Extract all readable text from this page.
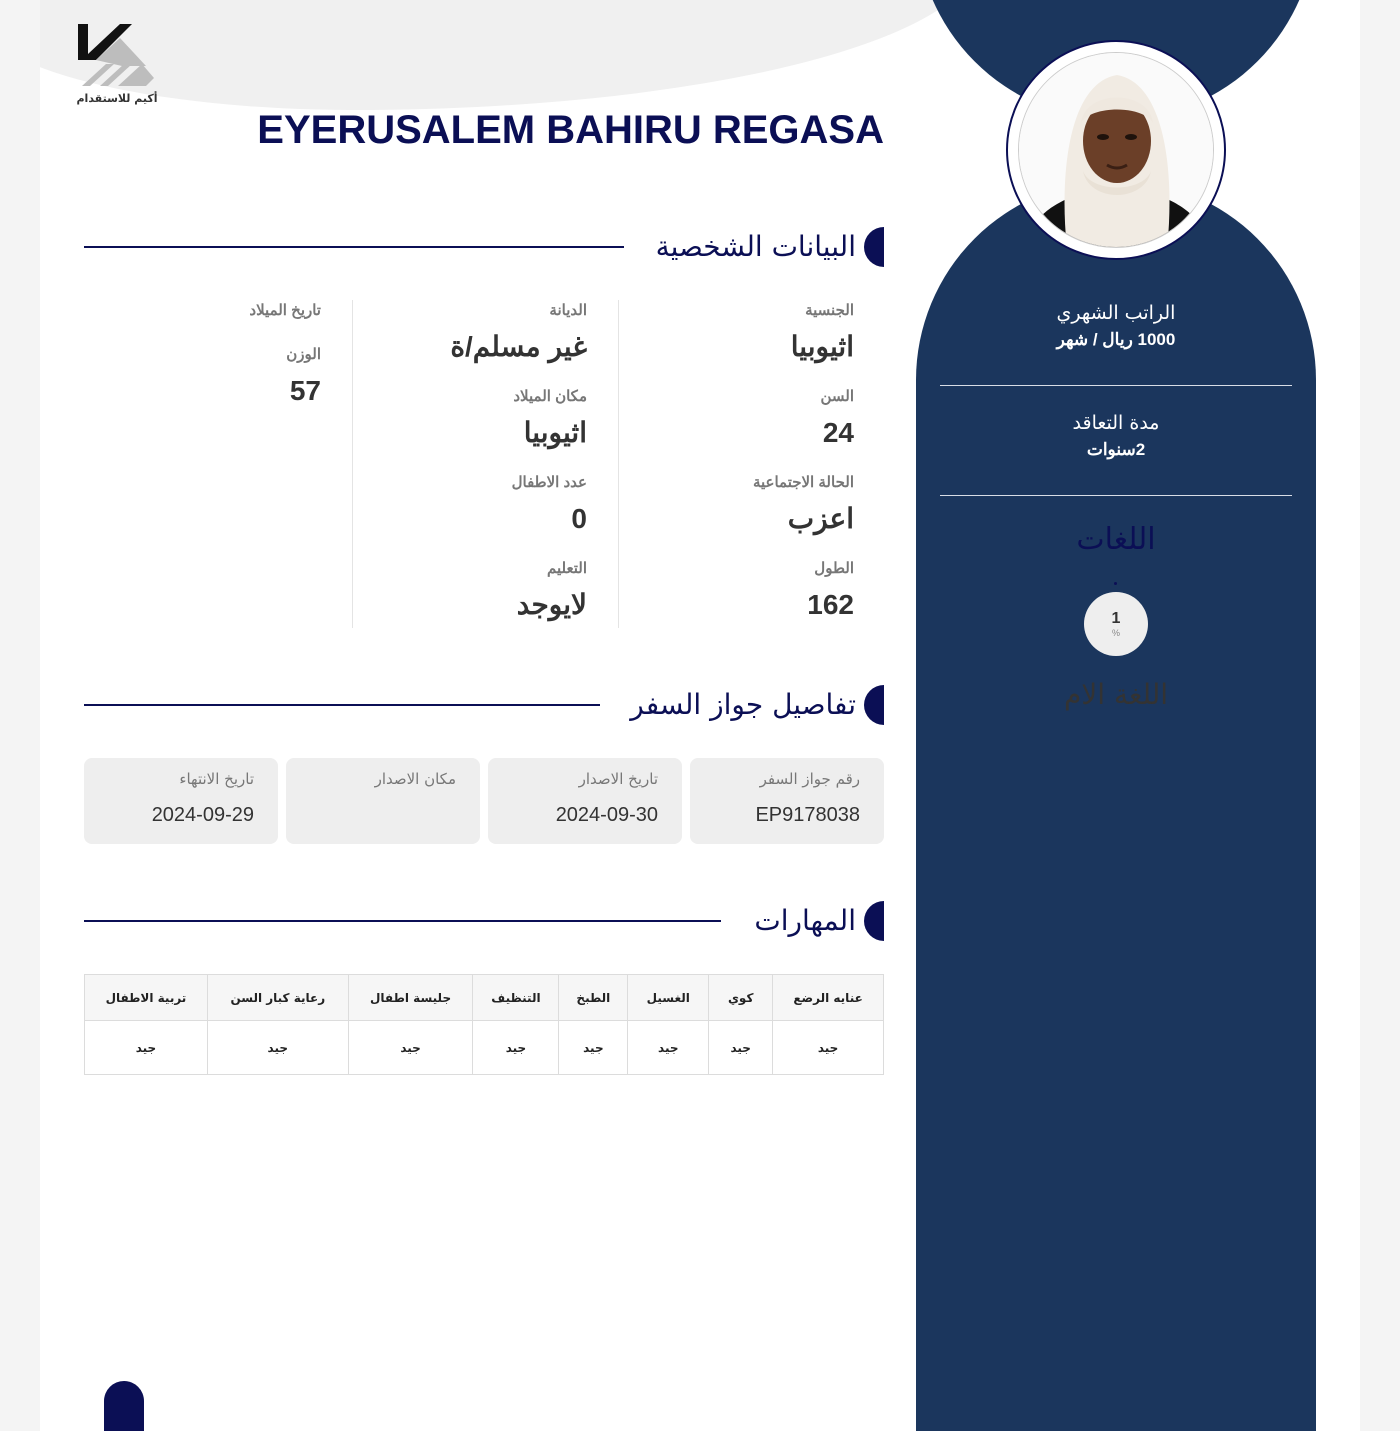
أكيم للاستقدام
EYERUSALEM BAHIRU REGASA
البيانات الشخصية
الجنسية
اثيوبيا
السن
24
الحالة الاجتماعية
اعزب
الطول
162
الديانة
غير مسلم/ة
مكان الميلاد
اثيوبيا
عدد الاطفال
0
التعليم
لايوجد
تاريخ الميلاد
الوزن
57
تفاصيل جواز السفر
رقم جواز السفر
EP9178038
تاريخ الاصدار
2024-09-30
مكان الاصدار
تاريخ الانتهاء
2024-09-29
المهارات
عنايه الرضع	كوي	الغسيل	الطبخ	التنظيف	جليسة اطفال	رعاية كبار السن	تربية الاطفال
جيد	جيد	جيد	جيد	جيد	جيد	جيد	جيد
الراتب الشهري
1000 ريال / شهر
مدة التعاقد
2سنوات
اللغات
1
%
اللغة الام
